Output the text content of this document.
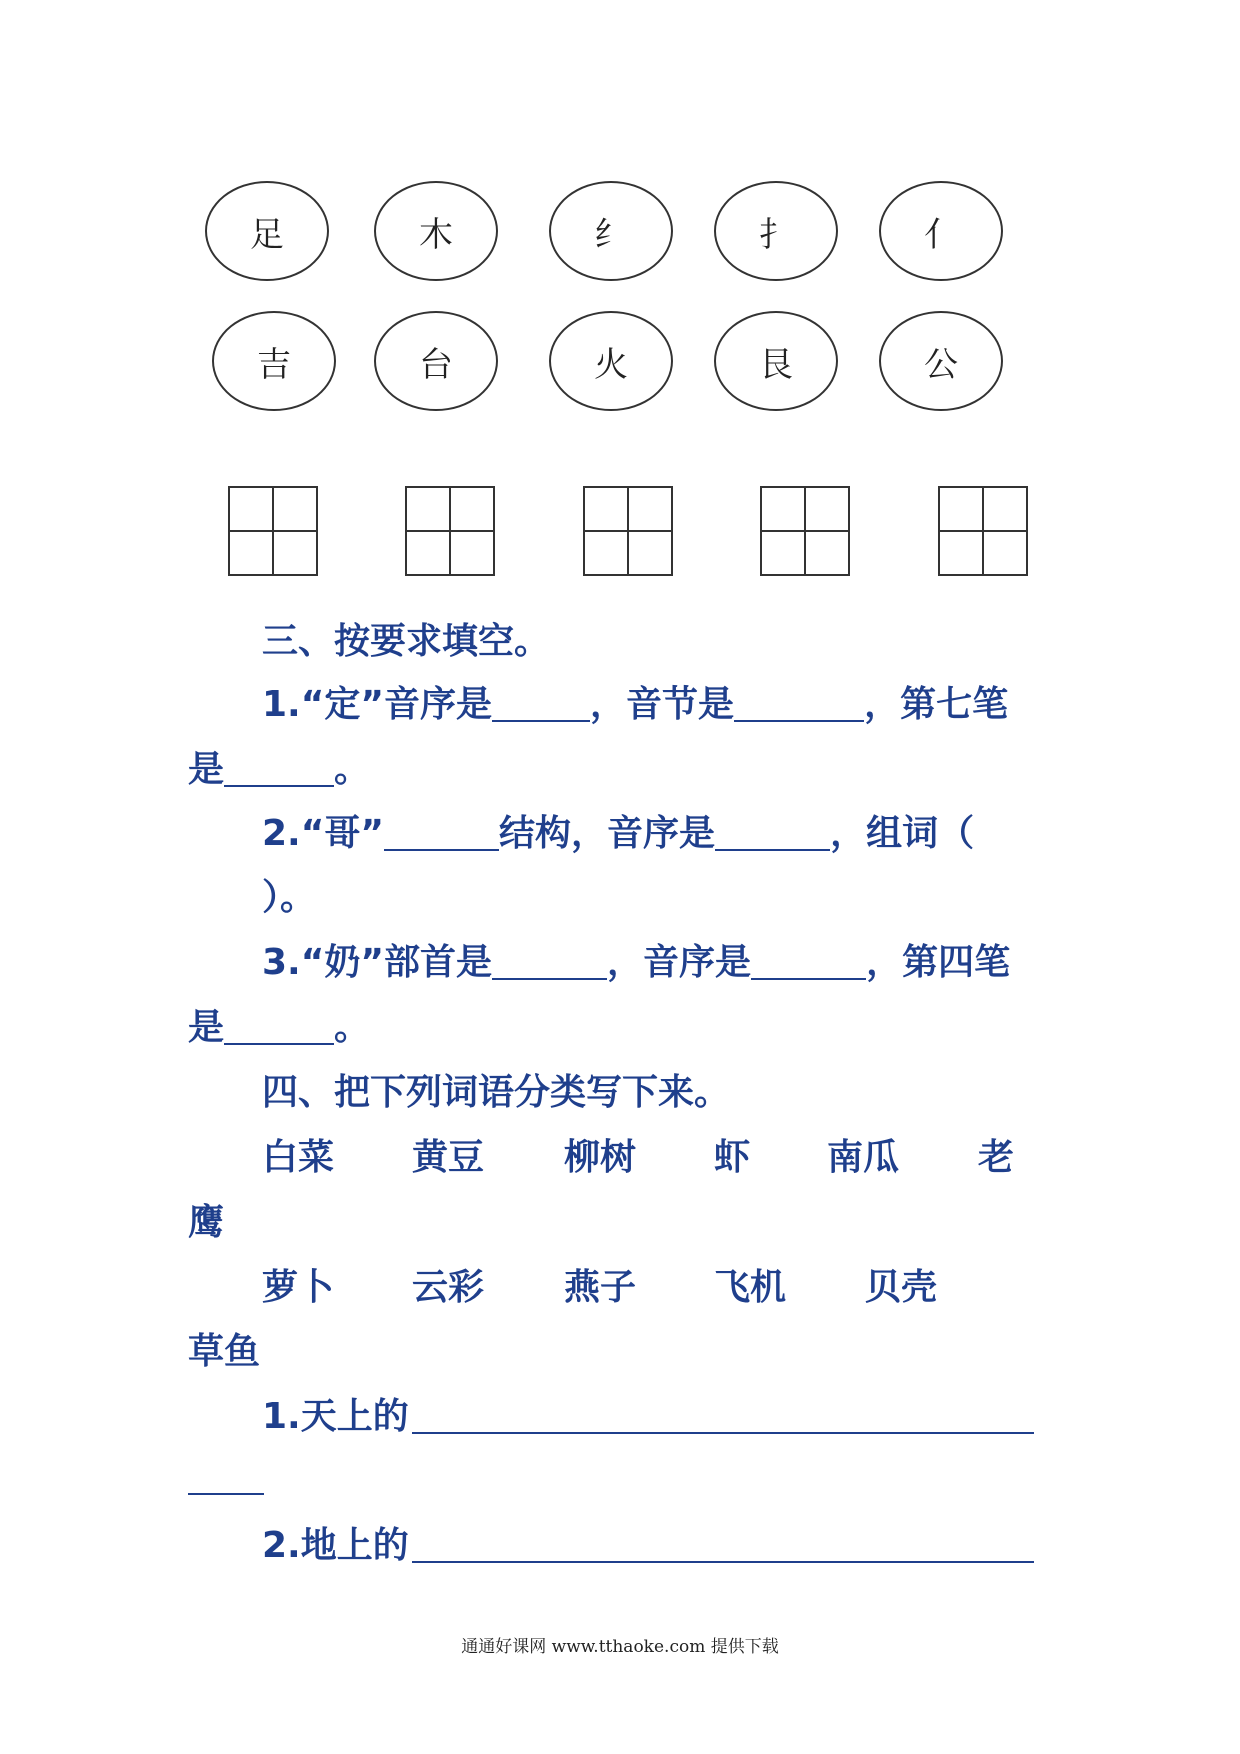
足	木	纟	扌	亻
吉	台	火	艮	公
三、按要求填空。
1.“定”音序是	，音节是	，第七笔
是	。
2.“哥”	结构，音序是	，组词（
）。
3.“奶”部首是	，音序是	，第四笔
是	。
四、把下列词语分类写下来。
白菜 黄豆 柳树 虾 南瓜 老
鹰
萝卜 云彩 燕子 飞机 贝壳
草鱼
1.天上的
2.地上的
通通好课网 www.tthaoke.com 提供下载
